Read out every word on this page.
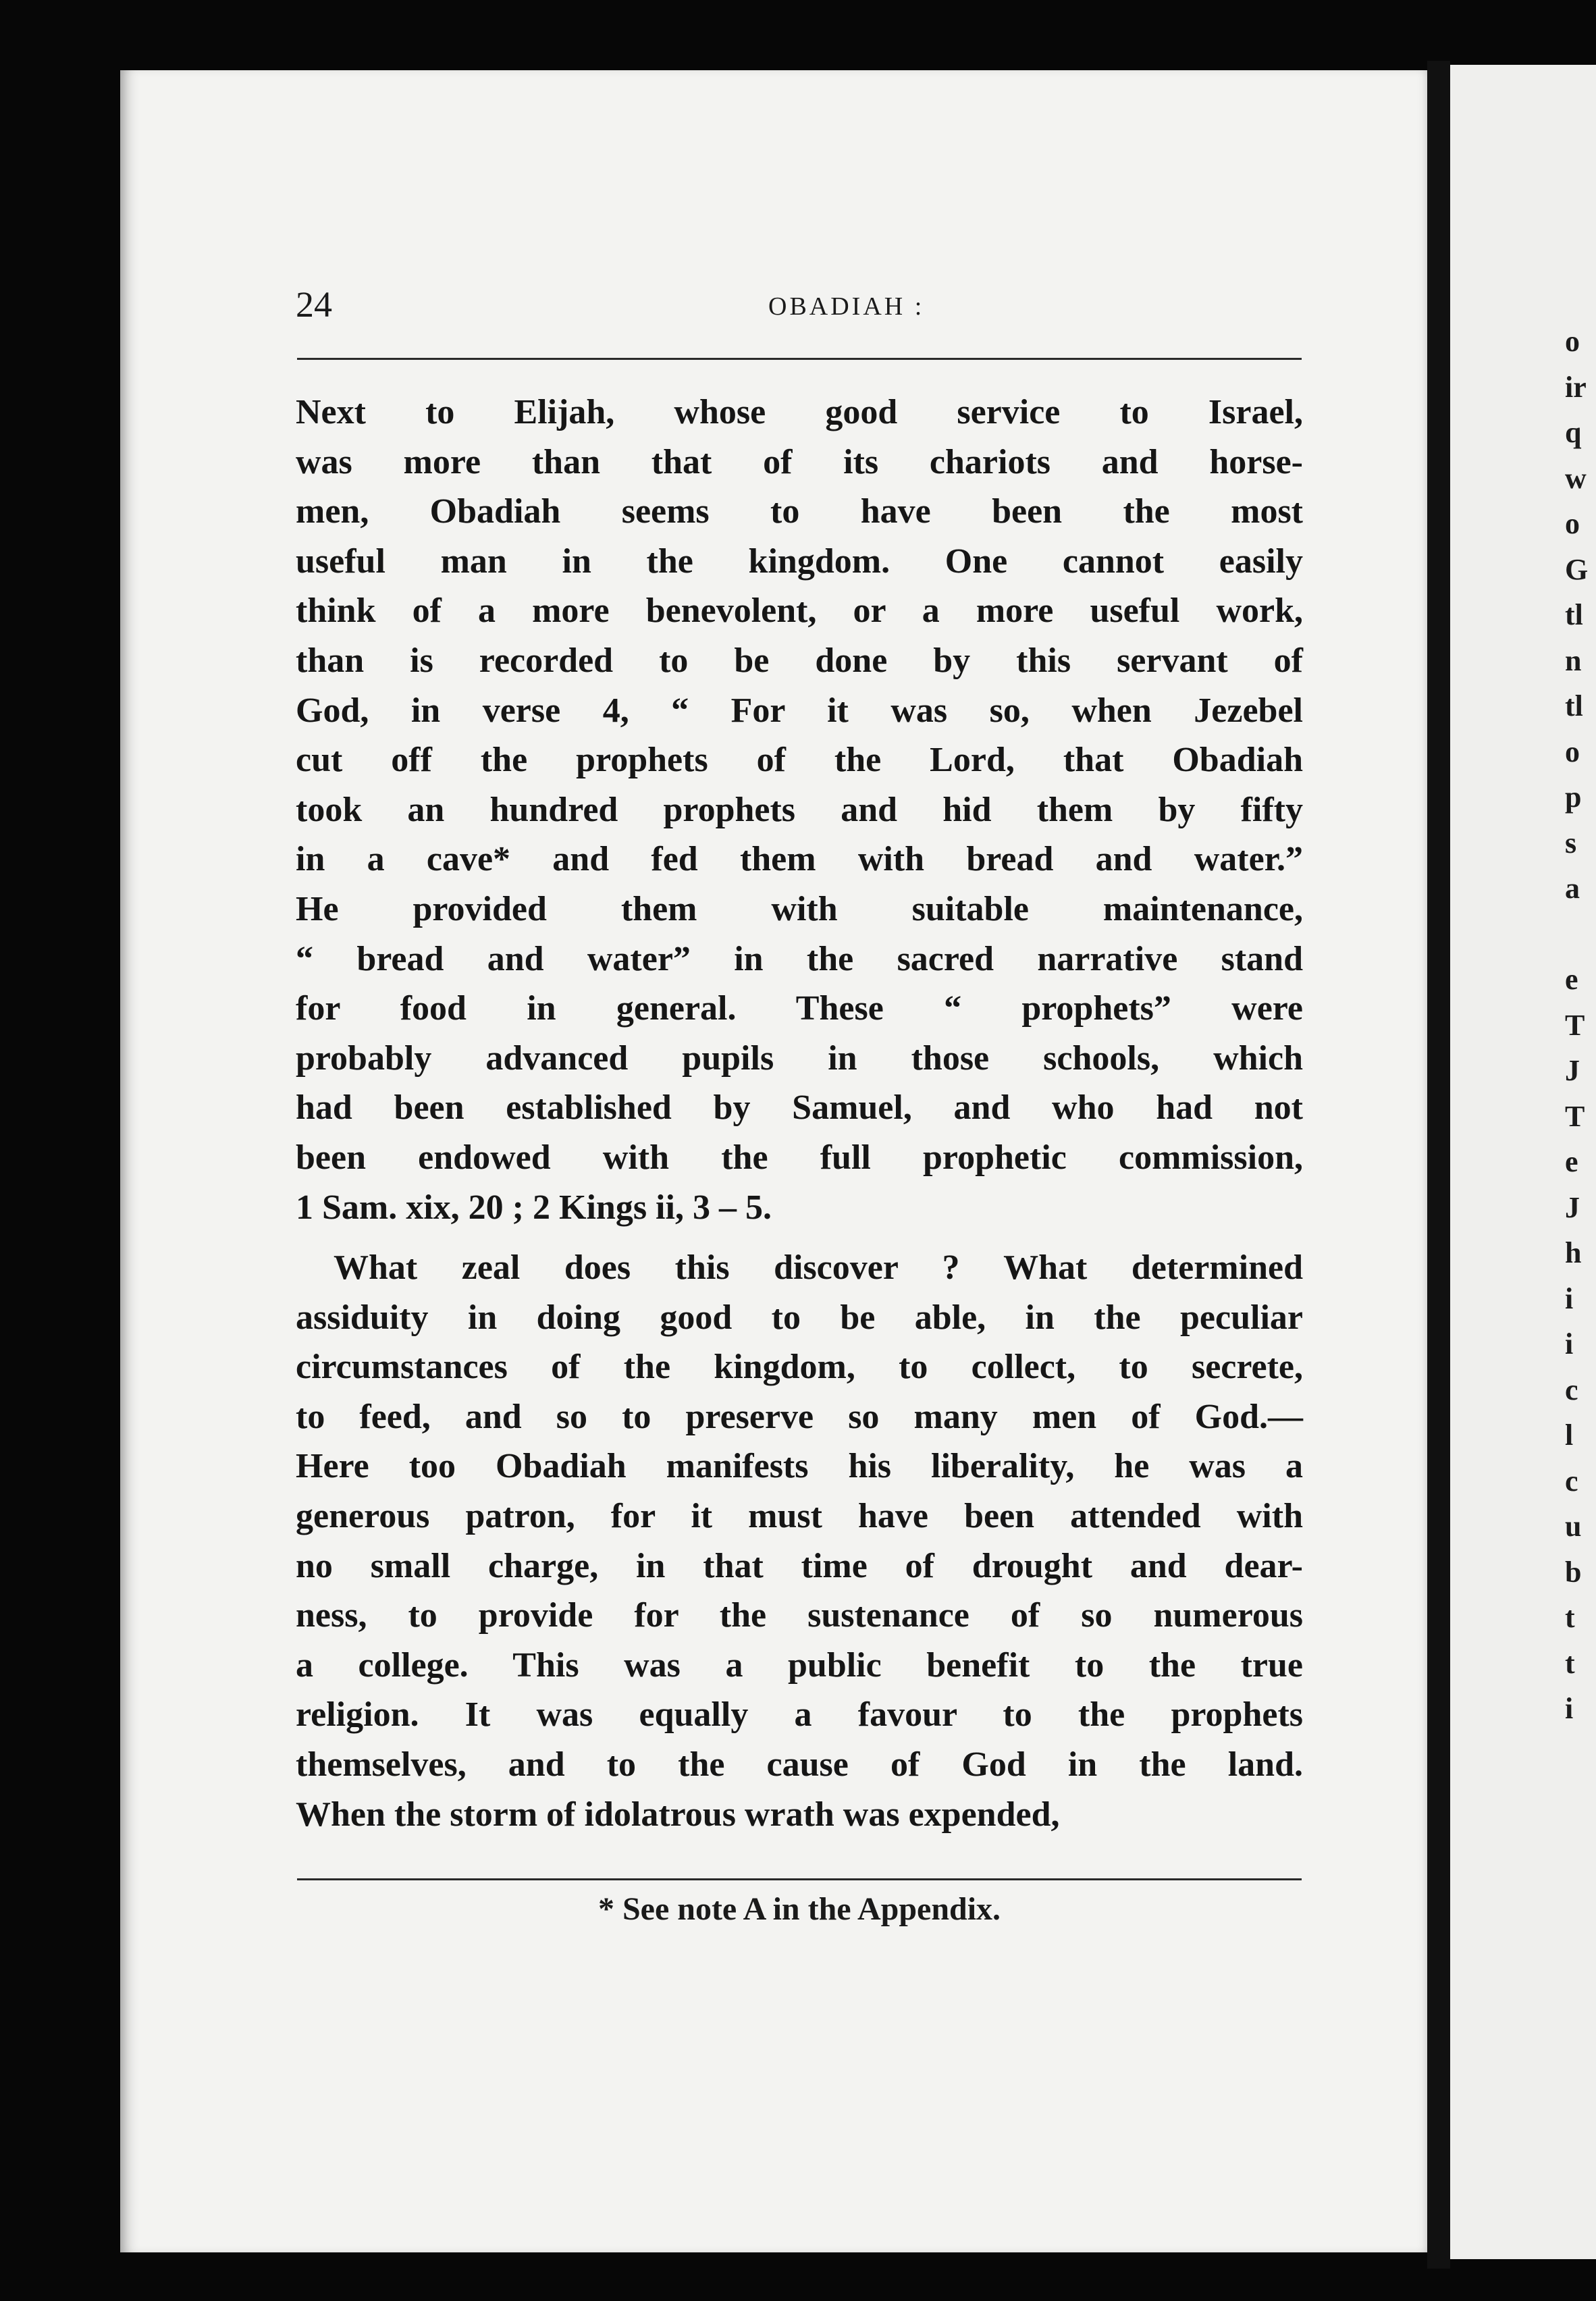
o
ir
q
w
o
G
tl
n
tl
o
p
s
a
e
T
J
T
e
J
h
i
i
c
l
c
u
b
t
t
i
24	OBADIAH :
Next to Elijah, whose good service to Israel,
was more than that of its chariots and horse-
men, Obadiah seems to have been the most
useful man in the kingdom. One cannot easily
think of a more benevolent, or a more useful work,
than is recorded to be done by this servant of
God, in verse 4, “ For it was so, when Jezebel
cut off the prophets of the Lord, that Obadiah
took an hundred prophets and hid them by fifty
in a cave* and fed them with bread and water.”
He provided them with suitable maintenance,
“ bread and water” in the sacred narrative stand
for food in general. These “ prophets” were
probably advanced pupils in those schools, which
had been established by Samuel, and who had not
been endowed with the full prophetic commission,
1 Sam. xix, 20 ; 2 Kings ii, 3 – 5.
What zeal does this discover ? What determined
assiduity in doing good to be able, in the peculiar
circumstances of the kingdom, to collect, to secrete,
to feed, and so to preserve so many men of God.—
Here too Obadiah manifests his liberality, he was a
generous patron, for it must have been attended with
no small charge, in that time of drought and dear-
ness, to provide for the sustenance of so numerous
a college. This was a public benefit to the true
religion. It was equally a favour to the prophets
themselves, and to the cause of God in the land.
When the storm of idolatrous wrath was expended,
* See note A in the Appendix.
